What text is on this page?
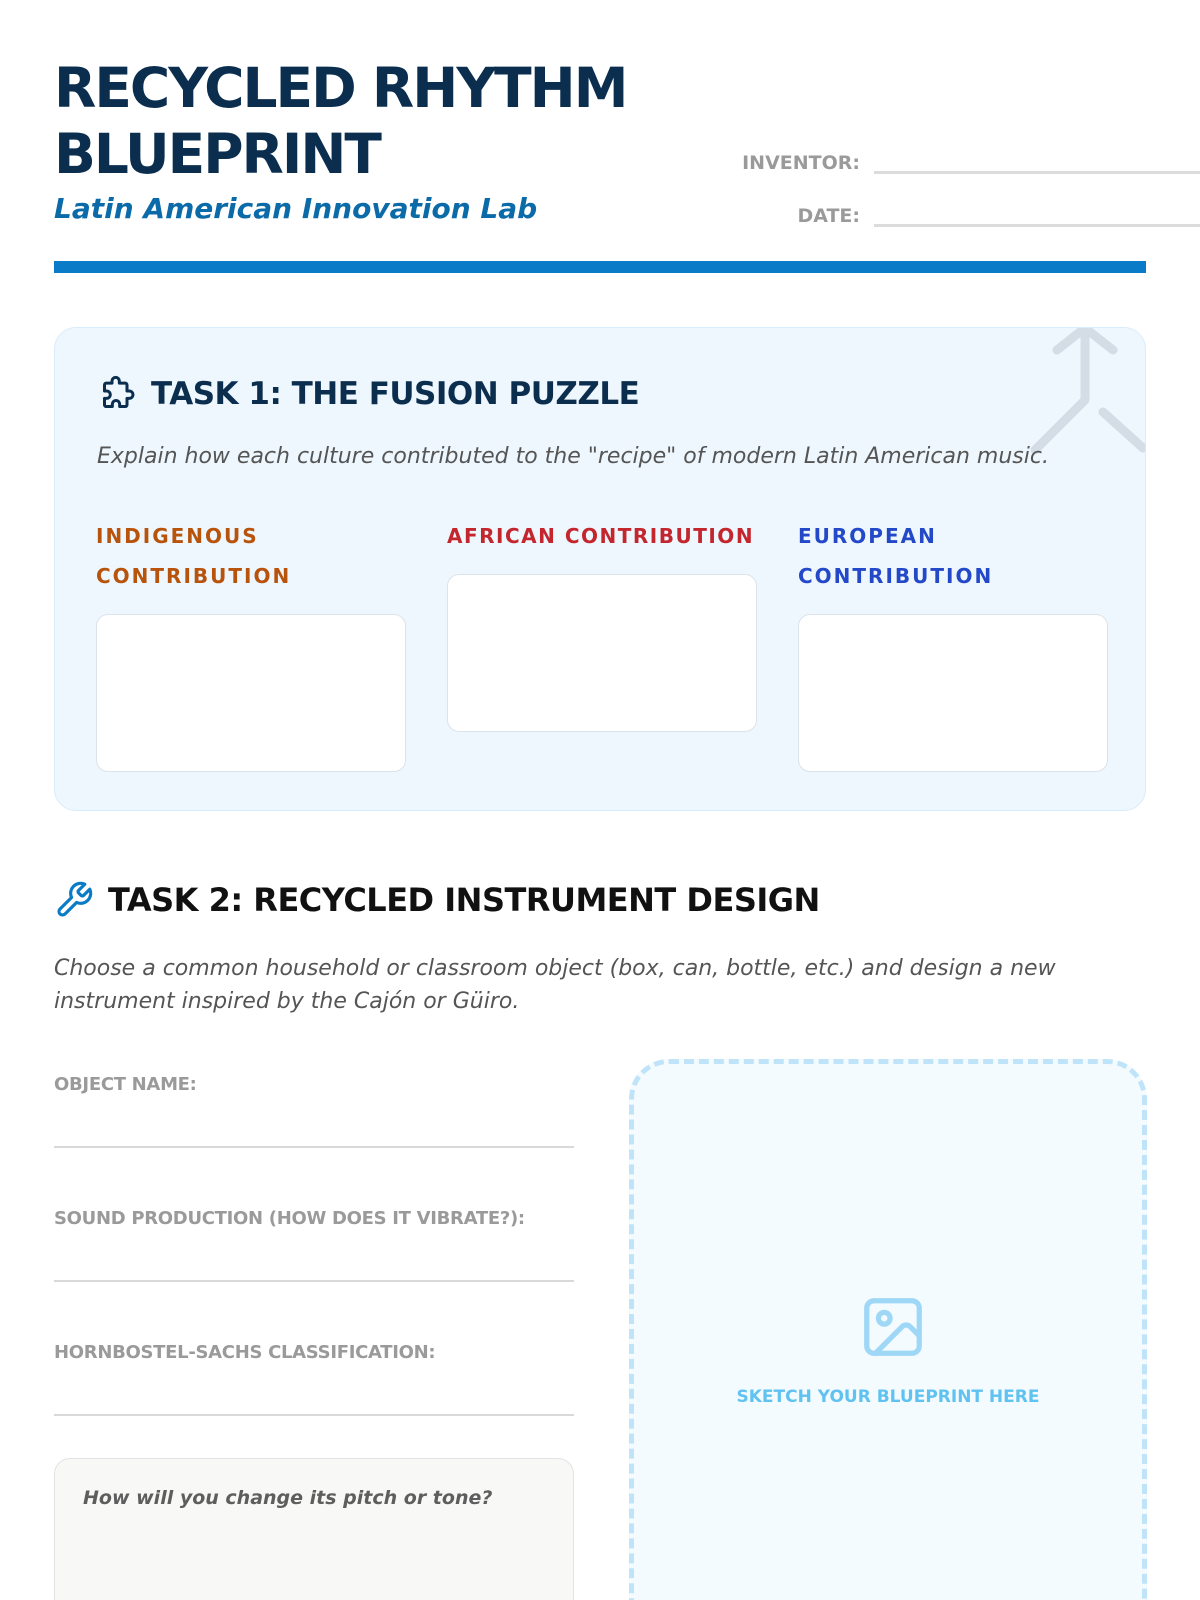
RECYCLED RHYTHM BLUEPRINT
Latin American Innovation Lab
INVENTOR:
DATE:
TASK 1: THE FUSION PUZZLE

Explain how each culture contributed to the "recipe" of modern Latin American music.

INDIGENOUS CONTRIBUTION
AFRICAN CONTRIBUTION EUROPEAN CONTRIBUTION
TASK 2: RECYCLED INSTRUMENT DESIGN

Choose a common household or classroom object (box, can, bottle, etc.) and design a new instrument inspired by the Cajón or Güiro.

OBJECT NAME:
SOUND PRODUCTION (HOW DOES IT VIBRATE?):
HORNBOSTEL-SACHS CLASSIFICATION:
How will you change its pitch or tone?
SKETCH YOUR BLUEPRINT HERE
